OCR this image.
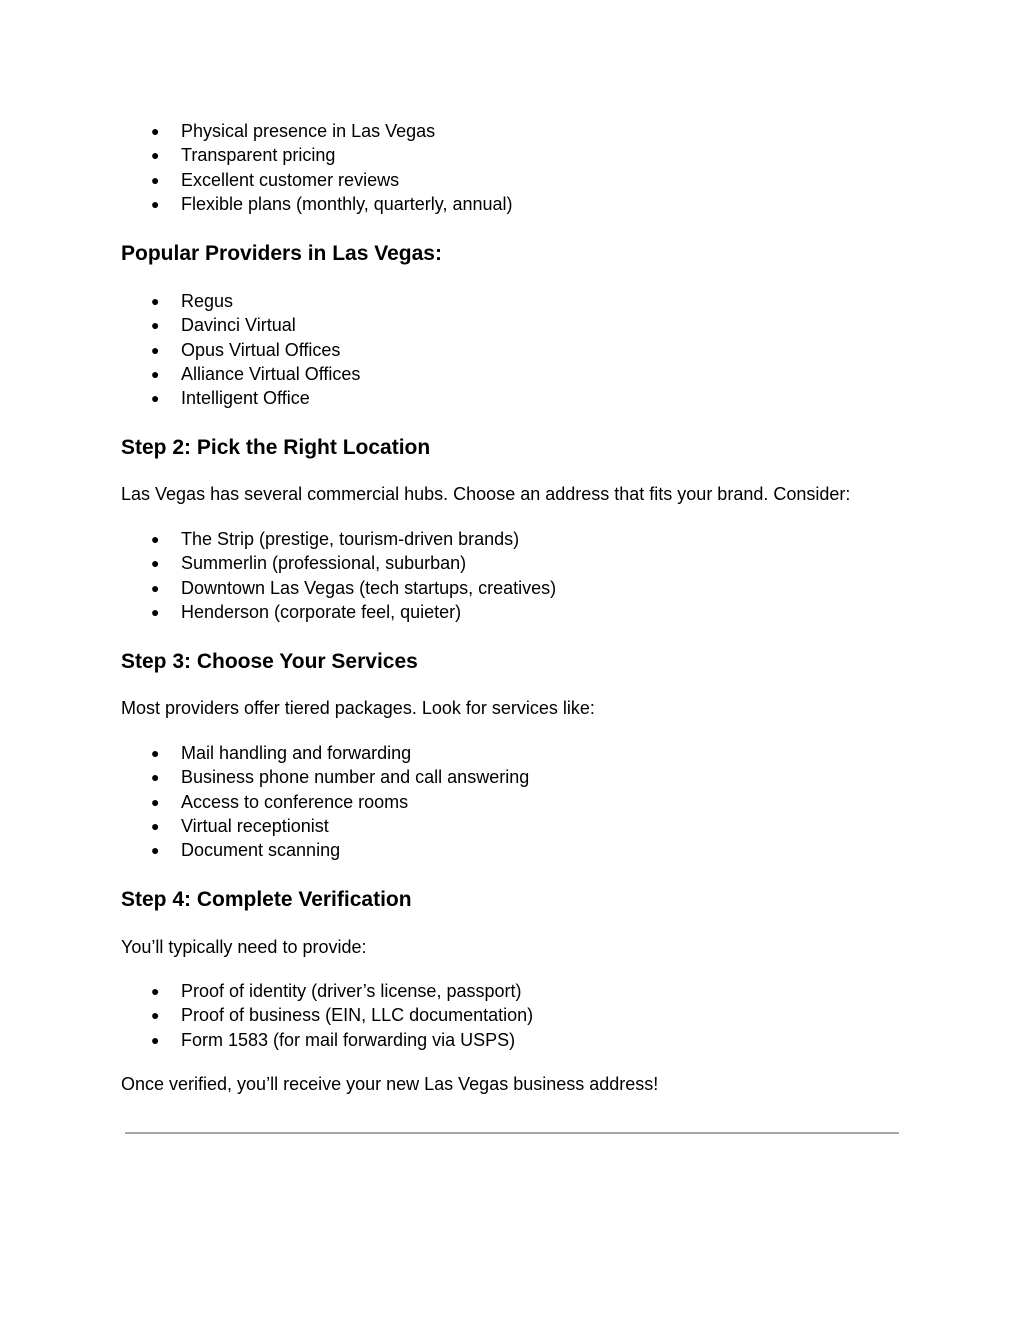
● Physical presence in Las Vegas
● Transparent pricing
● Excellent customer reviews
● Flexible plans (monthly, quarterly, annual)
Popular Providers in Las Vegas:
● Regus
● Davinci Virtual
● Opus Virtual Offices
● Alliance Virtual Offices
● Intelligent Office
Step 2: Pick the Right Location

Las Vegas has several commercial hubs. Choose an address that fits your brand. Consider:

● The Strip (prestige, tourism-driven brands)
● Summerlin (professional, suburban)
● Downtown Las Vegas (tech startups, creatives)
● Henderson (corporate feel, quieter)
Step 3: Choose Your Services

Most providers offer tiered packages. Look for services like:

● Mail handling and forwarding
● Business phone number and call answering
● Access to conference rooms
● Virtual receptionist
● Document scanning
Step 4: Complete Verification

You’ll typically need to provide:

● Proof of identity (driver’s license, passport)
● Proof of business (EIN, LLC documentation)
● Form 1583 (for mail forwarding via USPS)

Once verified, you’ll receive your new Las Vegas business address!
